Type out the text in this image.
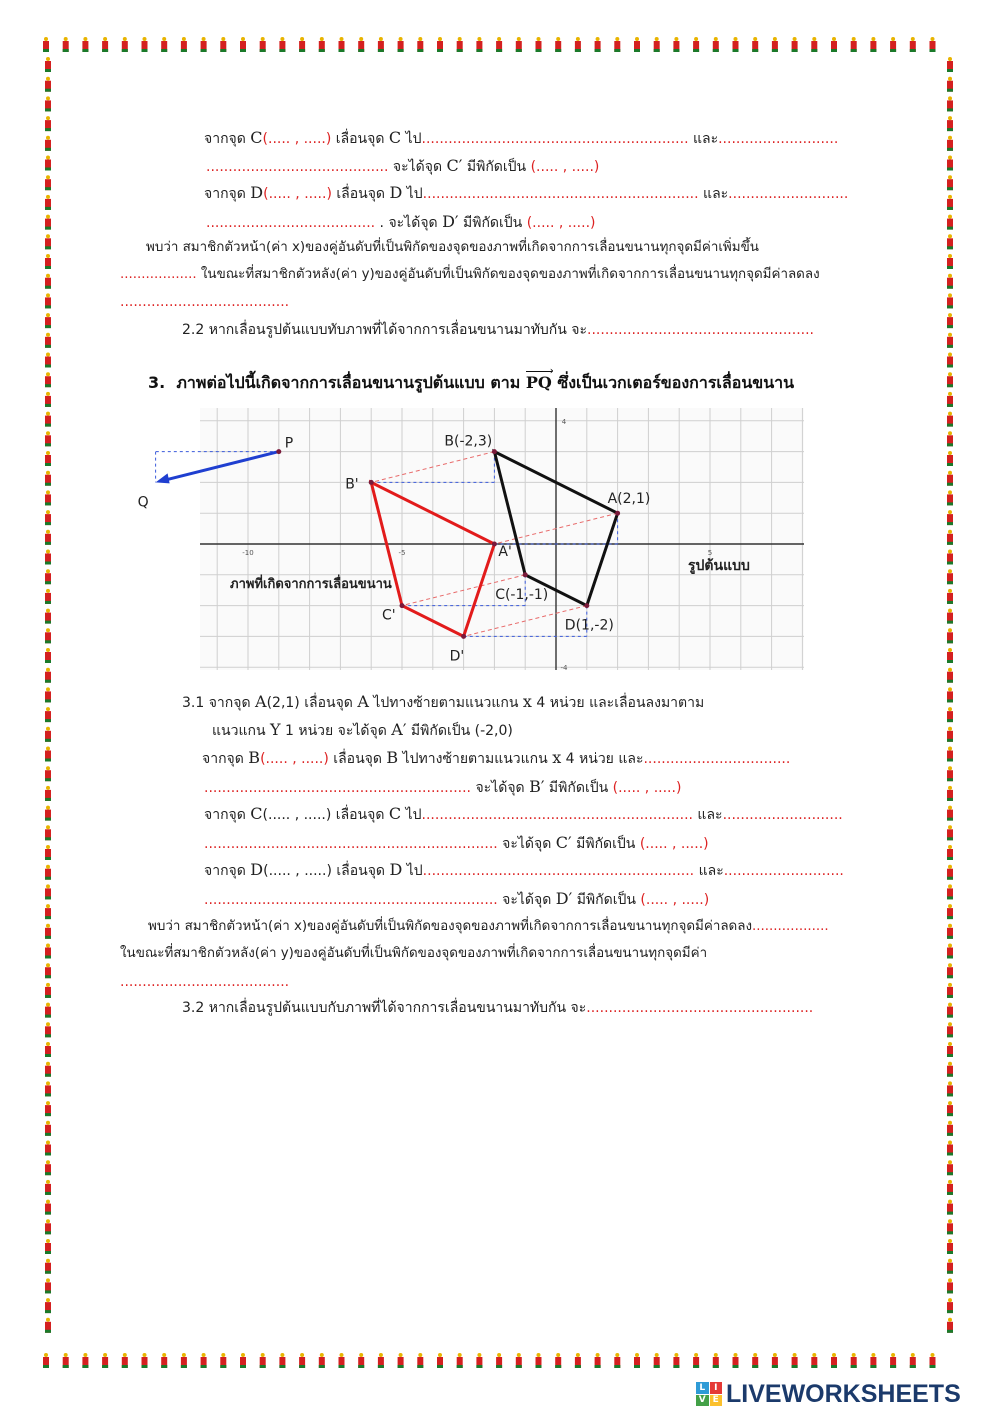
จากจุด C(..... , .....) เลื่อนจุด C ไป............................................................ และ...........................
......................................... จะได้จุด C′ มีพิกัดเป็น (..... , .....)
จากจุด D(..... , .....) เลื่อนจุด D ไป.............................................................. และ...........................
...................................... . จะได้จุด D′ มีพิกัดเป็น (..... , .....)
พบว่า สมาชิกตัวหน้า(ค่า x)ของคู่อันดับที่เป็นพิกัดของจุดของภาพที่เกิดจากการเลื่อนขนานทุกจุดมีค่าเพิ่มขึ้น
.................. ในขณะที่สมาชิกตัวหลัง(ค่า y)ของคู่อันดับที่เป็นพิกัดของจุดของภาพที่เกิดจากการเลื่อนขนานทุกจุดมีค่าลดลง
......................................
2.2 หากเลื่อนรูปต้นแบบทับภาพที่ได้จากการเลื่อนขนานมาทับกัน จะ...................................................
3. ภาพต่อไปนี้เกิดจากการเลื่อนขนานรูปต้นแบบ ตาม
›
PQ ซึ่งเป็นเวกเตอร์ของการเลื่อนขนาน
-10	-5	5
4
-4
P
Q
B(-2,3)
A(2,1)
C(-1,-1)
D(1,-2)
B'
A'
C'
D'
ภาพที่เกิดจากการเลื่อนขนาน
รูปต้นแบบ
3.1 จากจุด A(2,1) เลื่อนจุด A ไปทางซ้ายตามแนวแกน x 4 หน่วย และเลื่อนลงมาตาม
แนวแกน Y 1 หน่วย จะได้จุด A′ มีพิกัดเป็น (-2,0)
จากจุด B(..... , .....) เลื่อนจุด B ไปทางซ้ายตามแนวแกน x 4 หน่วย และ.................................
............................................................ จะได้จุด B′ มีพิกัดเป็น (..... , .....)
จากจุด C(..... , .....) เลื่อนจุด C ไป............................................................. และ...........................
.................................................................. จะได้จุด C′ มีพิกัดเป็น (..... , .....)
จากจุด D(..... , .....) เลื่อนจุด D ไป............................................................. และ...........................
.................................................................. จะได้จุด D′ มีพิกัดเป็น (..... , .....)
พบว่า สมาชิกตัวหน้า(ค่า x)ของคู่อันดับที่เป็นพิกัดของจุดของภาพที่เกิดจากการเลื่อนขนานทุกจุดมีค่าลดลง..................
ในขณะที่สมาชิกตัวหลัง(ค่า y)ของคู่อันดับที่เป็นพิกัดของจุดของภาพที่เกิดจากการเลื่อนขนานทุกจุดมีค่า
......................................
3.2 หากเลื่อนรูปต้นแบบกับภาพที่ได้จากการเลื่อนขนานมาทับกัน จะ...................................................
L I
V E LIVEWORKSHEETS
